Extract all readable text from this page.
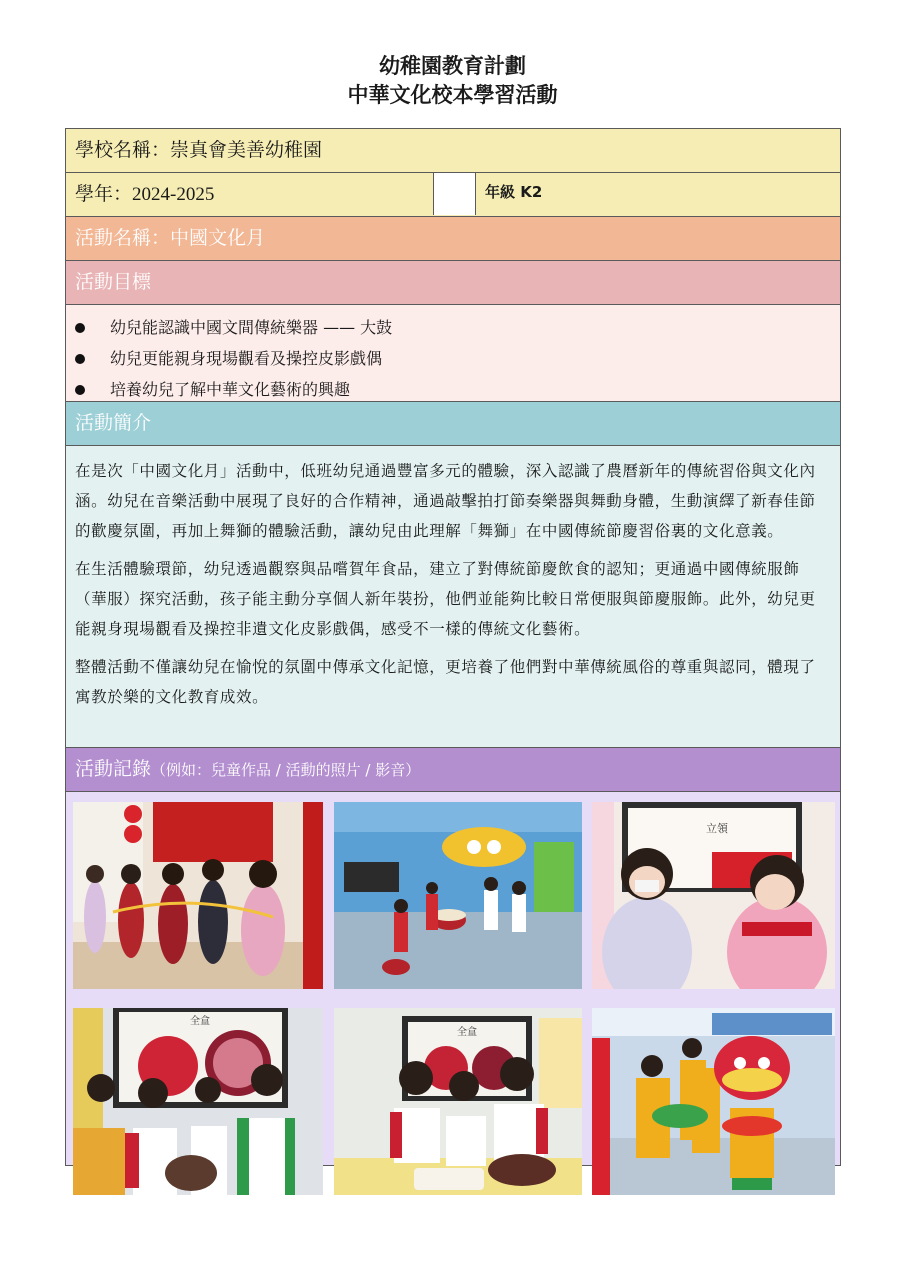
幼稚園教育計劃
中華文化校本學習活動
學校名稱：崇真會美善幼稚園
學年：2024-2025	年級 K2
活動名稱：中國文化月
活動目標
幼兒能認識中國文間傳統樂器 —— 大鼓
幼兒更能親身現場觀看及操控皮影戲偶
培養幼兒了解中華文化藝術的興趣
活動簡介

在是次「中國文化月」活動中，低班幼兒通過豐富多元的體驗，深入認識了農曆新年的傳統習俗與文化內涵。幼兒在音樂活動中展現了良好的合作精神，通過敲擊拍打節奏樂器與舞動身體，生動演繹了新春佳節的歡慶氛圍，再加上舞獅的體驗活動，讓幼兒由此理解「舞獅」在中國傳統節慶習俗裏的文化意義。

在生活體驗環節，幼兒透過觀察與品嚐賀年食品，建立了對傳統節慶飲食的認知；更通過中國傳統服飾（華服）探究活動，孩子能主動分享個人新年裝扮，他們並能夠比較日常便服與節慶服飾。此外，幼兒更能親身現場觀看及操控非遺文化皮影戲偶，感受不一樣的傳統文化藝術。

整體活動不僅讓幼兒在愉悅的氛圍中傳承文化記憶，更培養了他們對中華傳統風俗的尊重與認同，體現了寓教於樂的文化教育成效。

活動記錄（例如：兒童作品 / 活動的照片 / 影音）
立領
全盒
全盒
